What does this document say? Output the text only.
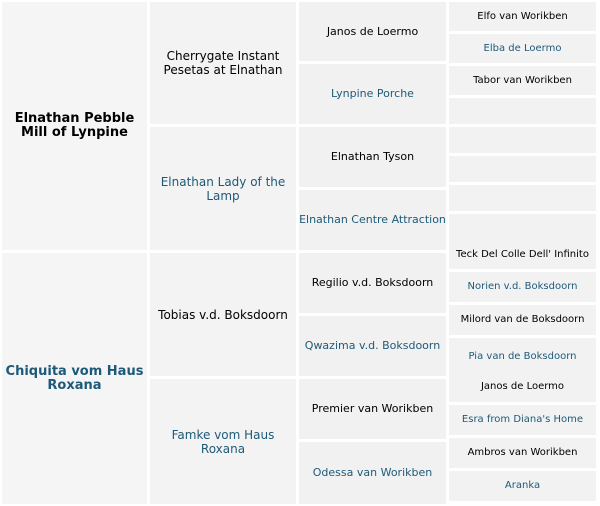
Elnathan Pebble Mill of Lynpine
Chiquita vom Haus Roxana
Cherrygate Instant Pesetas at Elnathan
Elnathan Lady of the Lamp
Tobias v.d. Boksdoorn
Famke vom Haus Roxana
Janos de Loermo
Lynpine Porche
Elnathan Tyson
Elnathan Centre Attraction
Regilio v.d. Boksdoorn
Qwazima v.d. Boksdoorn
Premier van Worikben
Odessa van Worikben
Elfo van Worikben
Elba de Loermo
Tabor van Worikben
Teck Del Colle Dell' Infinito
Norien v.d. Boksdoorn
Milord van de Boksdoorn
Pia van de Boksdoorn
Janos de Loermo
Esra from Diana's Home
Ambros van Worikben
Aranka
